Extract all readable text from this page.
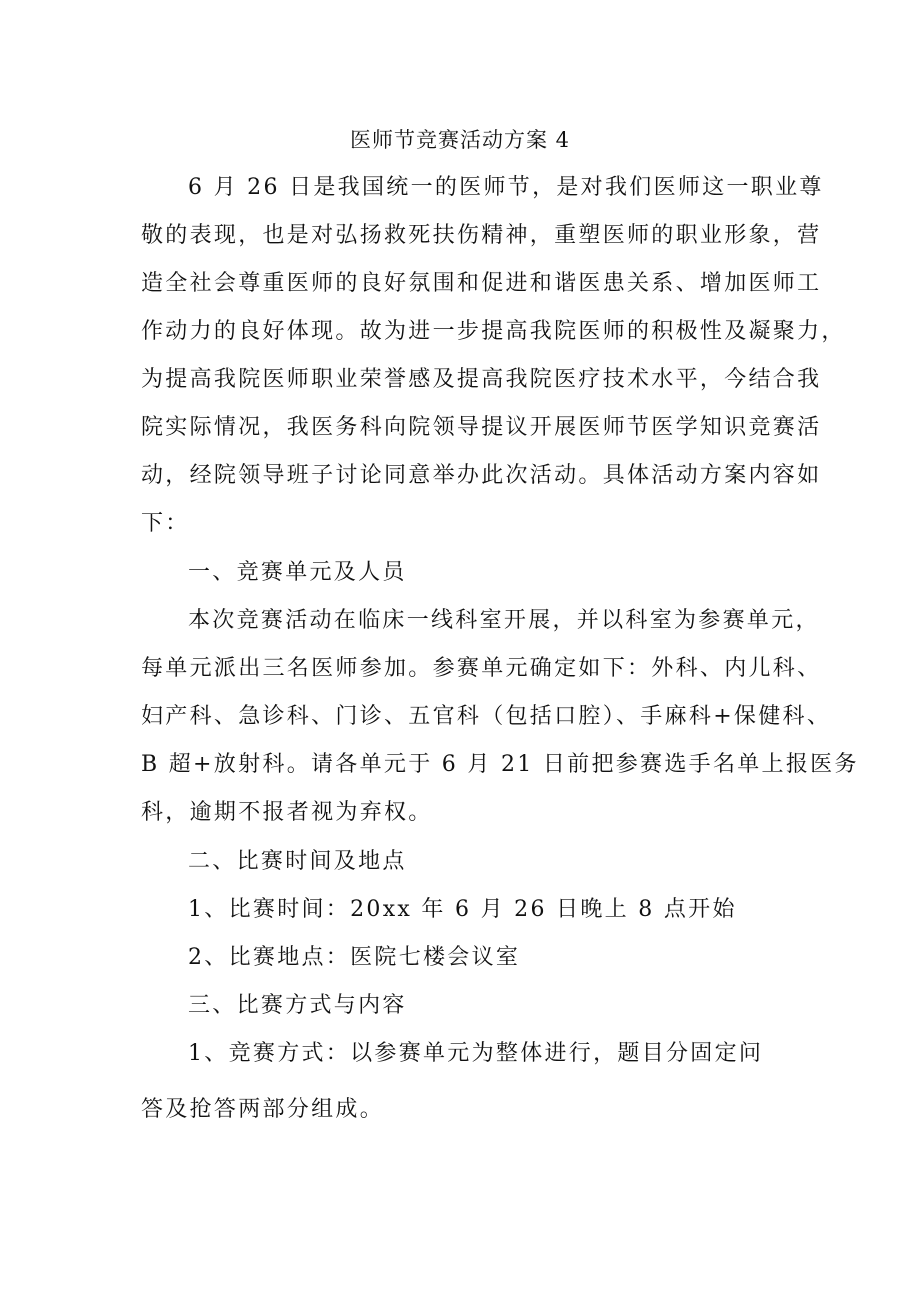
医师节竞赛活动方案 4

6 月 26 日是我国统一的医师节，是对我们医师这一职业尊

敬的表现，也是对弘扬救死扶伤精神，重塑医师的职业形象，营

造全社会尊重医师的良好氛围和促进和谐医患关系、增加医师工

作动力的良好体现。故为进一步提高我院医师的积极性及凝聚力，

为提高我院医师职业荣誉感及提高我院医疗技术水平，今结合我

院实际情况，我医务科向院领导提议开展医师节医学知识竞赛活

动，经院领导班子讨论同意举办此次活动。具体活动方案内容如

下：

一、竞赛单元及人员

本次竞赛活动在临床一线科室开展，并以科室为参赛单元，

每单元派出三名医师参加。参赛单元确定如下：外科、内儿科、

妇产科、急诊科、门诊、五官科（包括口腔）、手麻科+保健科、

B 超+放射科。请各单元于 6 月 21 日前把参赛选手名单上报医务

科，逾期不报者视为弃权。

二、比赛时间及地点

1、比赛时间：20xx 年 6 月 26 日晚上 8 点开始

2、比赛地点：医院七楼会议室

三、比赛方式与内容

1、竞赛方式：以参赛单元为整体进行，题目分固定问

答及抢答两部分组成。
